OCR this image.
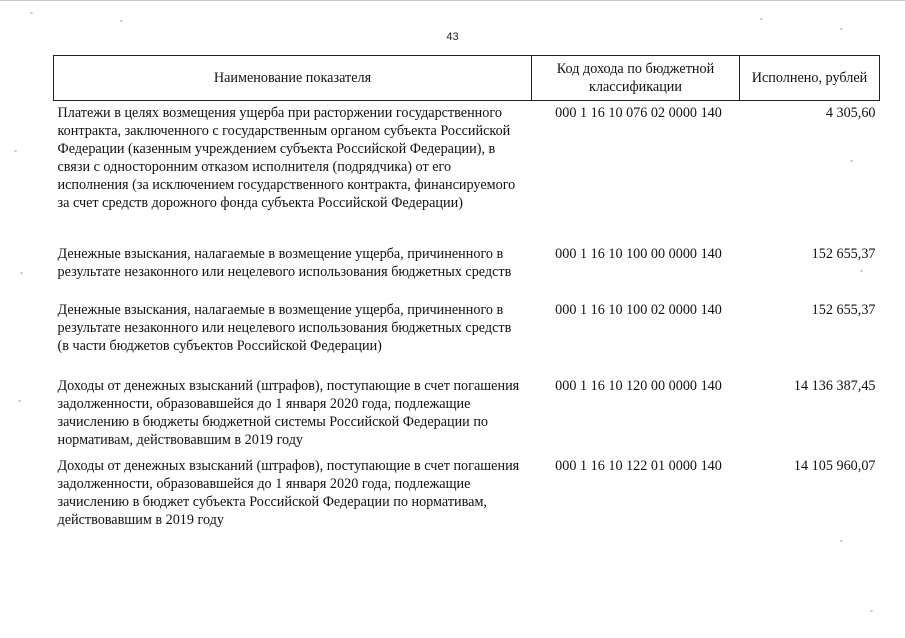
43
Наименование показателя	Код дохода по бюджетной классификации	Исполнено, рублей
Платежи в целях возмещения ущерба при расторжении государственного контракта, заключенного с государственным органом субъекта Российской Федерации (казенным учреждением субъекта Российской Федерации), в связи с односторонним отказом исполнителя (подрядчика) от его исполнения (за исключением государственного контракта, финансируемого за счет средств дорожного фонда субъекта Российской Федерации)	000 1 16 10 076 02 0000 140	4 305,60
Денежные взыскания, налагаемые в возмещение ущерба, причиненного в результате незаконного или нецелевого использования бюджетных средств	000 1 16 10 100 00 0000 140	152 655,37
Денежные взыскания, налагаемые в возмещение ущерба, причиненного в результате незаконного или нецелевого использования бюджетных средств (в части бюджетов субъектов Российской Федерации)	000 1 16 10 100 02 0000 140	152 655,37
Доходы от денежных взысканий (штрафов), поступающие в счет погашения задолженности, образовавшейся до 1 января 2020 года, подлежащие зачислению в бюджеты бюджетной системы Российской Федерации по нормативам, действовавшим в 2019 году	000 1 16 10 120 00 0000 140	14 136 387,45
Доходы от денежных взысканий (штрафов), поступающие в счет погашения задолженности, образовавшейся до 1 января 2020 года, подлежащие зачислению в бюджет субъекта Российской Федерации по нормативам, действовавшим в 2019 году	000 1 16 10 122 01 0000 140	14 105 960,07
